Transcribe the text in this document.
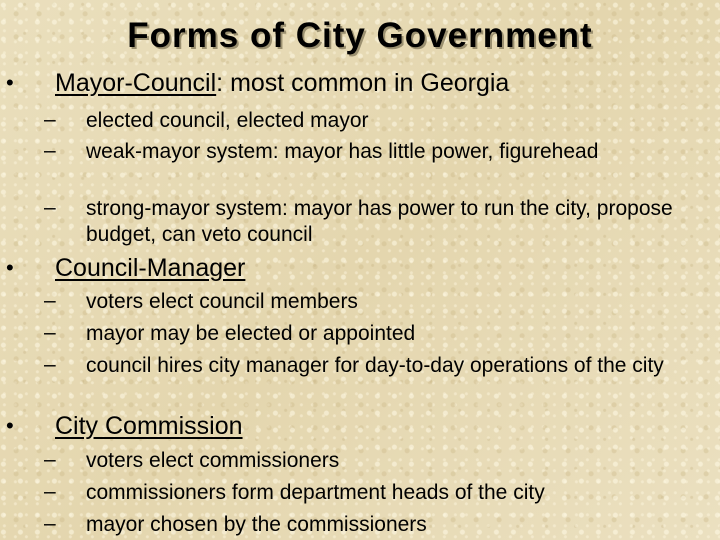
Forms of City Government
• Mayor-Council: most common in Georgia
– elected council, elected mayor
– weak-mayor system: mayor has little power, figurehead
– strong-mayor system: mayor has power to run the city, propose budget, can veto council
• Council-Manager
– voters elect council members
– mayor may be elected or appointed
– council hires city manager for day-to-day operations of the city
• City Commission
– voters elect commissioners
– commissioners form department heads of the city
– mayor chosen by the commissioners
